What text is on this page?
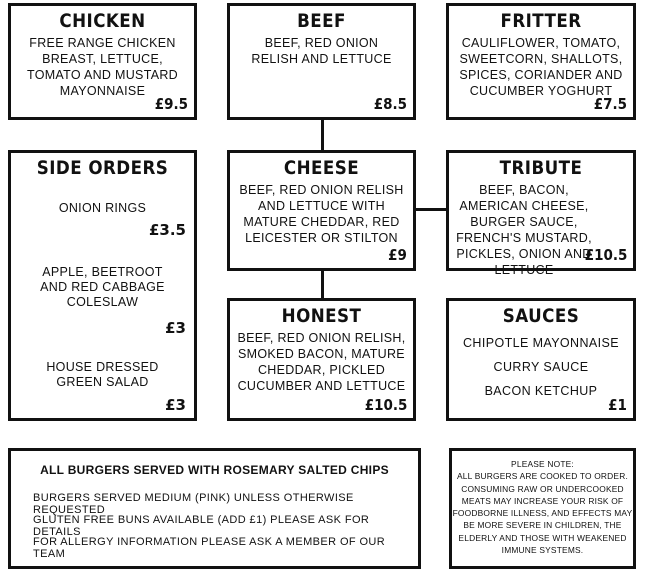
CHICKEN
FREE RANGE CHICKEN BREAST, LETTUCE, TOMATO AND MUSTARD MAYONNAISE
£9.5
BEEF
BEEF, RED ONION RELISH AND LETTUCE
£8.5
FRITTER
CAULIFLOWER, TOMATO, SWEETCORN, SHALLOTS, SPICES, CORIANDER AND CUCUMBER YOGHURT
£7.5
SIDE ORDERS
ONION RINGS
£3.5
APPLE, BEETROOT
AND RED CABBAGE
COLESLAW
£3
HOUSE DRESSED
GREEN SALAD
£3
CHEESE
BEEF, RED ONION RELISH AND LETTUCE WITH MATURE CHEDDAR, RED LEICESTER OR STILTON
£9
TRIBUTE
BEEF, BACON, AMERICAN CHEESE, BURGER SAUCE, FRENCH'S MUSTARD, PICKLES, ONION AND LETTUCE
£10.5
HONEST
BEEF, RED ONION RELISH, SMOKED BACON, MATURE CHEDDAR, PICKLED CUCUMBER AND LETTUCE
£10.5
SAUCES
CHIPOTLE MAYONNAISE
CURRY SAUCE
BACON KETCHUP
£1
ALL BURGERS SERVED WITH ROSEMARY SALTED CHIPS
BURGERS SERVED MEDIUM (PINK) UNLESS OTHERWISE REQUESTED
GLUTEN FREE BUNS AVAILABLE (ADD £1) PLEASE ASK FOR DETAILS
FOR ALLERGY INFORMATION PLEASE ASK A MEMBER OF OUR TEAM
PLEASE NOTE:
ALL BURGERS ARE COOKED TO ORDER.
CONSUMING RAW OR UNDERCOOKED
MEATS MAY INCREASE YOUR RISK OF
FOODBORNE ILLNESS, AND EFFECTS MAY
BE MORE SEVERE IN CHILDREN, THE
ELDERLY AND THOSE WITH WEAKENED
IMMUNE SYSTEMS.
